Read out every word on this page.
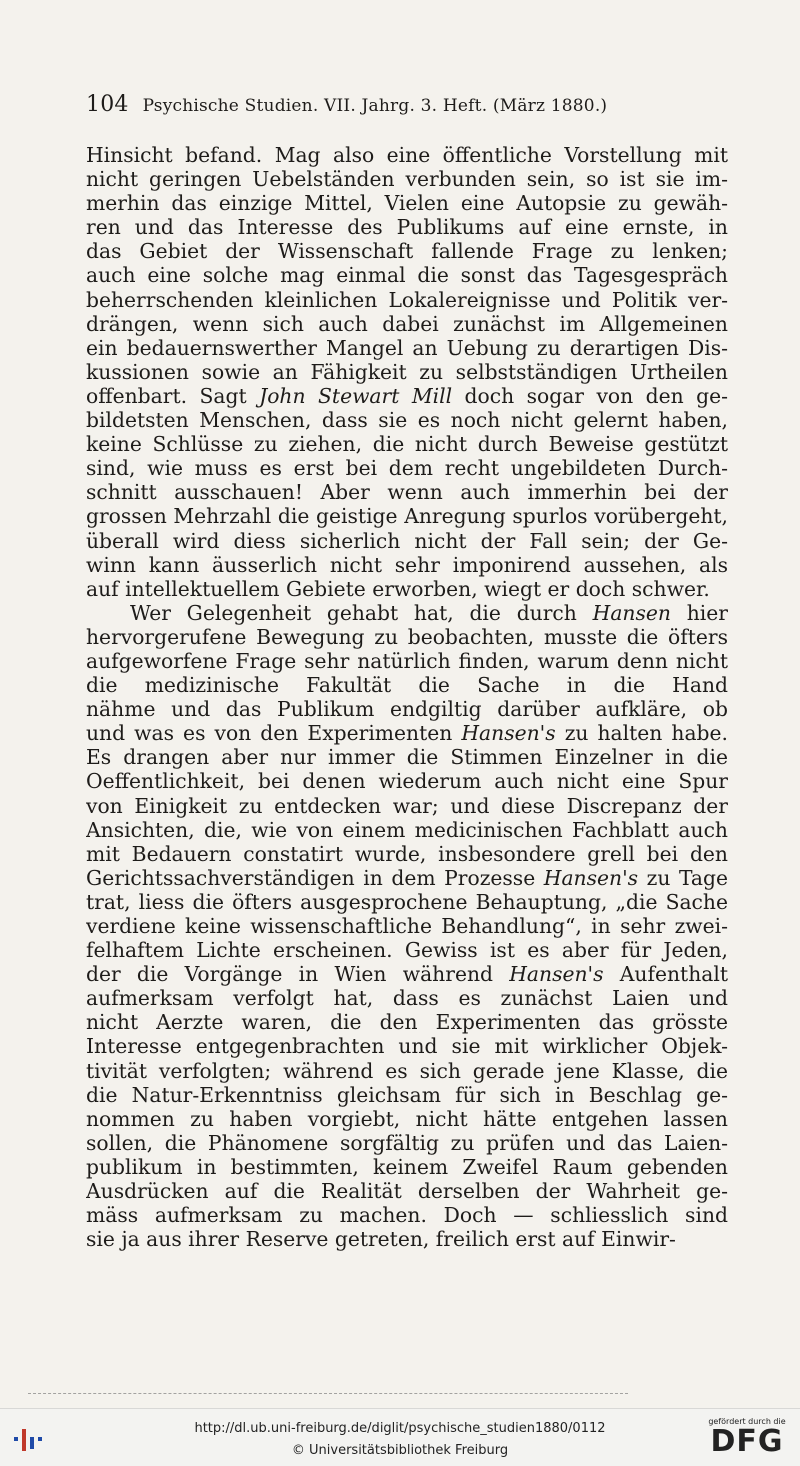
104 Psychische Studien. VII. Jahrg. 3. Heft. (März 1880.)
Hinsicht befand. Mag also eine öffentliche Vorstellung mit
nicht geringen Uebelständen verbunden sein, so ist sie im-
merhin das einzige Mittel, Vielen eine Autopsie zu gewäh-
ren und das Interesse des Publikums auf eine ernste, in
das Gebiet der Wissenschaft fallende Frage zu lenken;
auch eine solche mag einmal die sonst das Tagesgespräch
beherrschenden kleinlichen Lokalereignisse und Politik ver-
drängen, wenn sich auch dabei zunächst im Allgemeinen
ein bedauernswerther Mangel an Uebung zu derartigen Dis-
kussionen sowie an Fähigkeit zu selbstständigen Urtheilen
offenbart. Sagt John Stewart Mill doch sogar von den ge-
bildetsten Menschen, dass sie es noch nicht gelernt haben,
keine Schlüsse zu ziehen, die nicht durch Beweise gestützt
sind, wie muss es erst bei dem recht ungebildeten Durch-
schnitt ausschauen! Aber wenn auch immerhin bei der
grossen Mehrzahl die geistige Anregung spurlos vorübergeht,
überall wird diess sicherlich nicht der Fall sein; der Ge-
winn kann äusserlich nicht sehr imponirend aussehen, als
auf intellektuellem Gebiete erworben, wiegt er doch schwer.
Wer Gelegenheit gehabt hat, die durch Hansen hier
hervorgerufene Bewegung zu beobachten, musste die öfters
aufgeworfene Frage sehr natürlich finden, warum denn nicht
die medizinische Fakultät die Sache in die Hand
nähme und das Publikum endgiltig darüber aufkläre, ob
und was es von den Experimenten Hansen's zu halten habe.
Es drangen aber nur immer die Stimmen Einzelner in die
Oeffentlichkeit, bei denen wiederum auch nicht eine Spur
von Einigkeit zu entdecken war; und diese Discrepanz der
Ansichten, die, wie von einem medicinischen Fachblatt auch
mit Bedauern constatirt wurde, insbesondere grell bei den
Gerichtssachverständigen in dem Prozesse Hansen's zu Tage
trat, liess die öfters ausgesprochene Behauptung, „die Sache
verdiene keine wissenschaftliche Behandlung“, in sehr zwei-
felhaftem Lichte erscheinen. Gewiss ist es aber für Jeden,
der die Vorgänge in Wien während Hansen's Aufenthalt
aufmerksam verfolgt hat, dass es zunächst Laien und
nicht Aerzte waren, die den Experimenten das grösste
Interesse entgegenbrachten und sie mit wirklicher Objek-
tivität verfolgten; während es sich gerade jene Klasse, die
die Natur-Erkenntniss gleichsam für sich in Beschlag ge-
nommen zu haben vorgiebt, nicht hätte entgehen lassen
sollen, die Phänomene sorgfältig zu prüfen und das Laien-
publikum in bestimmten, keinem Zweifel Raum gebenden
Ausdrücken auf die Realität derselben der Wahrheit ge-
mäss aufmerksam zu machen. Doch — schliesslich sind
sie ja aus ihrer Reserve getreten, freilich erst auf Einwir-
http://dl.ub.uni-freiburg.de/diglit/psychische_studien1880/0112
© Universitätsbibliothek Freiburg
gefördert durch die
DFG
